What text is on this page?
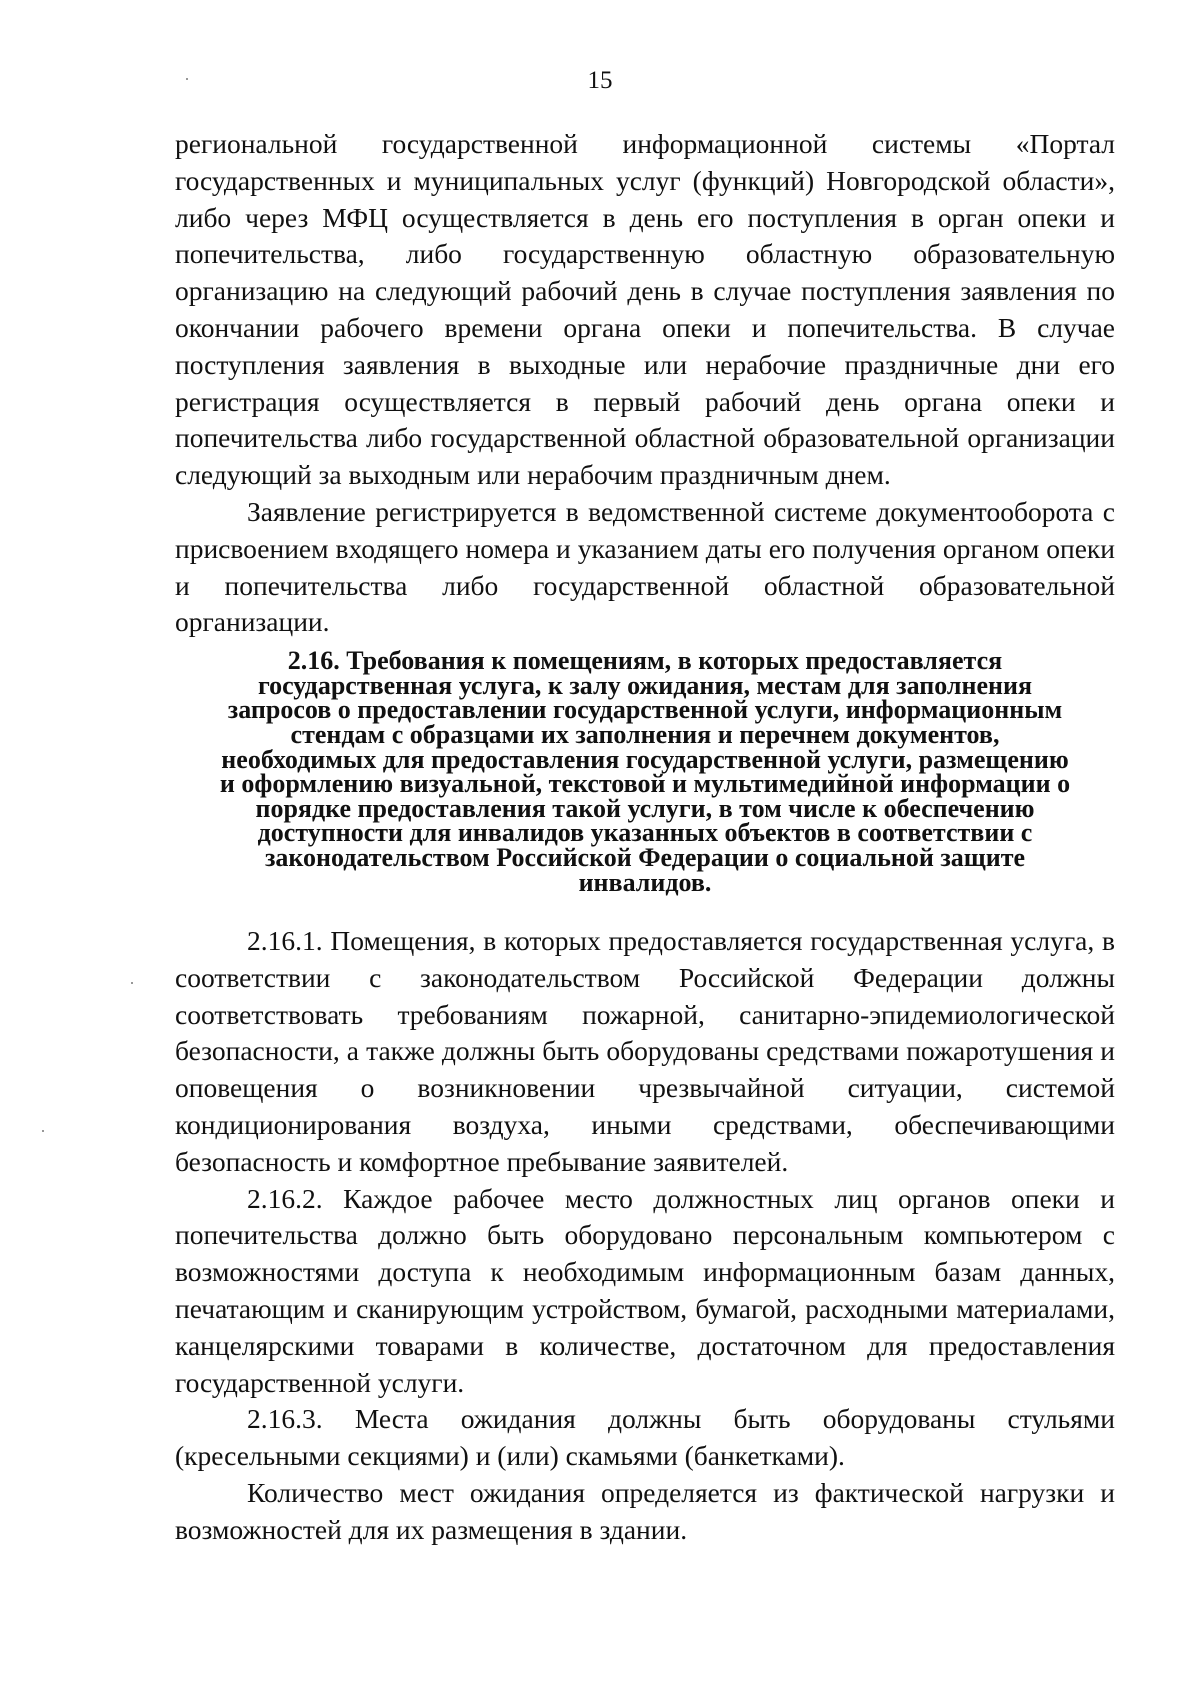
15

региональной государственной информационной системы «Портал государственных и муниципальных услуг (функций) Новгородской области», либо через МФЦ осуществляется в день его поступления в орган опеки и попечительства, либо государственную областную образовательную организацию на следующий рабочий день в случае поступления заявления по окончании рабочего времени органа опеки и попечительства. В случае поступления заявления в выходные или нерабочие праздничные дни его регистрация осуществляется в первый рабочий день органа опеки и попечительства либо государственной областной образовательной организации следующий за выходным или нерабочим праздничным днем.

Заявление регистрируется в ведомственной системе документооборота с присвоением входящего номера и указанием даты его получения органом опеки и попечительства либо государственной областной образовательной организации.

2.16. Требования к помещениям, в которых предоставляется
государственная услуга, к залу ожидания, местам для заполнения
запросов о предоставлении государственной услуги, информационным
стендам с образцами их заполнения и перечнем документов,
необходимых для предоставления государственной услуги, размещению
и оформлению визуальной, текстовой и мультимедийной информации о
порядке предоставления такой услуги, в том числе к обеспечению
доступности для инвалидов указанных объектов в соответствии с
законодательством Российской Федерации о социальной защите
инвалидов.

2.16.1. Помещения, в которых предоставляется государственная услуга, в соответствии с законодательством Российской Федерации должны соответствовать требованиям пожарной, санитарно-эпидемиологической безопасности, а также должны быть оборудованы средствами пожаротушения и оповещения о возникновении чрезвычайной ситуации, системой кондиционирования воздуха, иными средствами, обеспечивающими безопасность и комфортное пребывание заявителей.

2.16.2. Каждое рабочее место должностных лиц органов опеки и попечительства должно быть оборудовано персональным компьютером с возможностями доступа к необходимым информационным базам данных, печатающим и сканирующим устройством, бумагой, расходными материалами, канцелярскими товарами в количестве, достаточном для предоставления государственной услуги.

2.16.3. Места ожидания должны быть оборудованы стульями (кресельными секциями) и (или) скамьями (банкетками).

Количество мест ожидания определяется из фактической нагрузки и возможностей для их размещения в здании.
